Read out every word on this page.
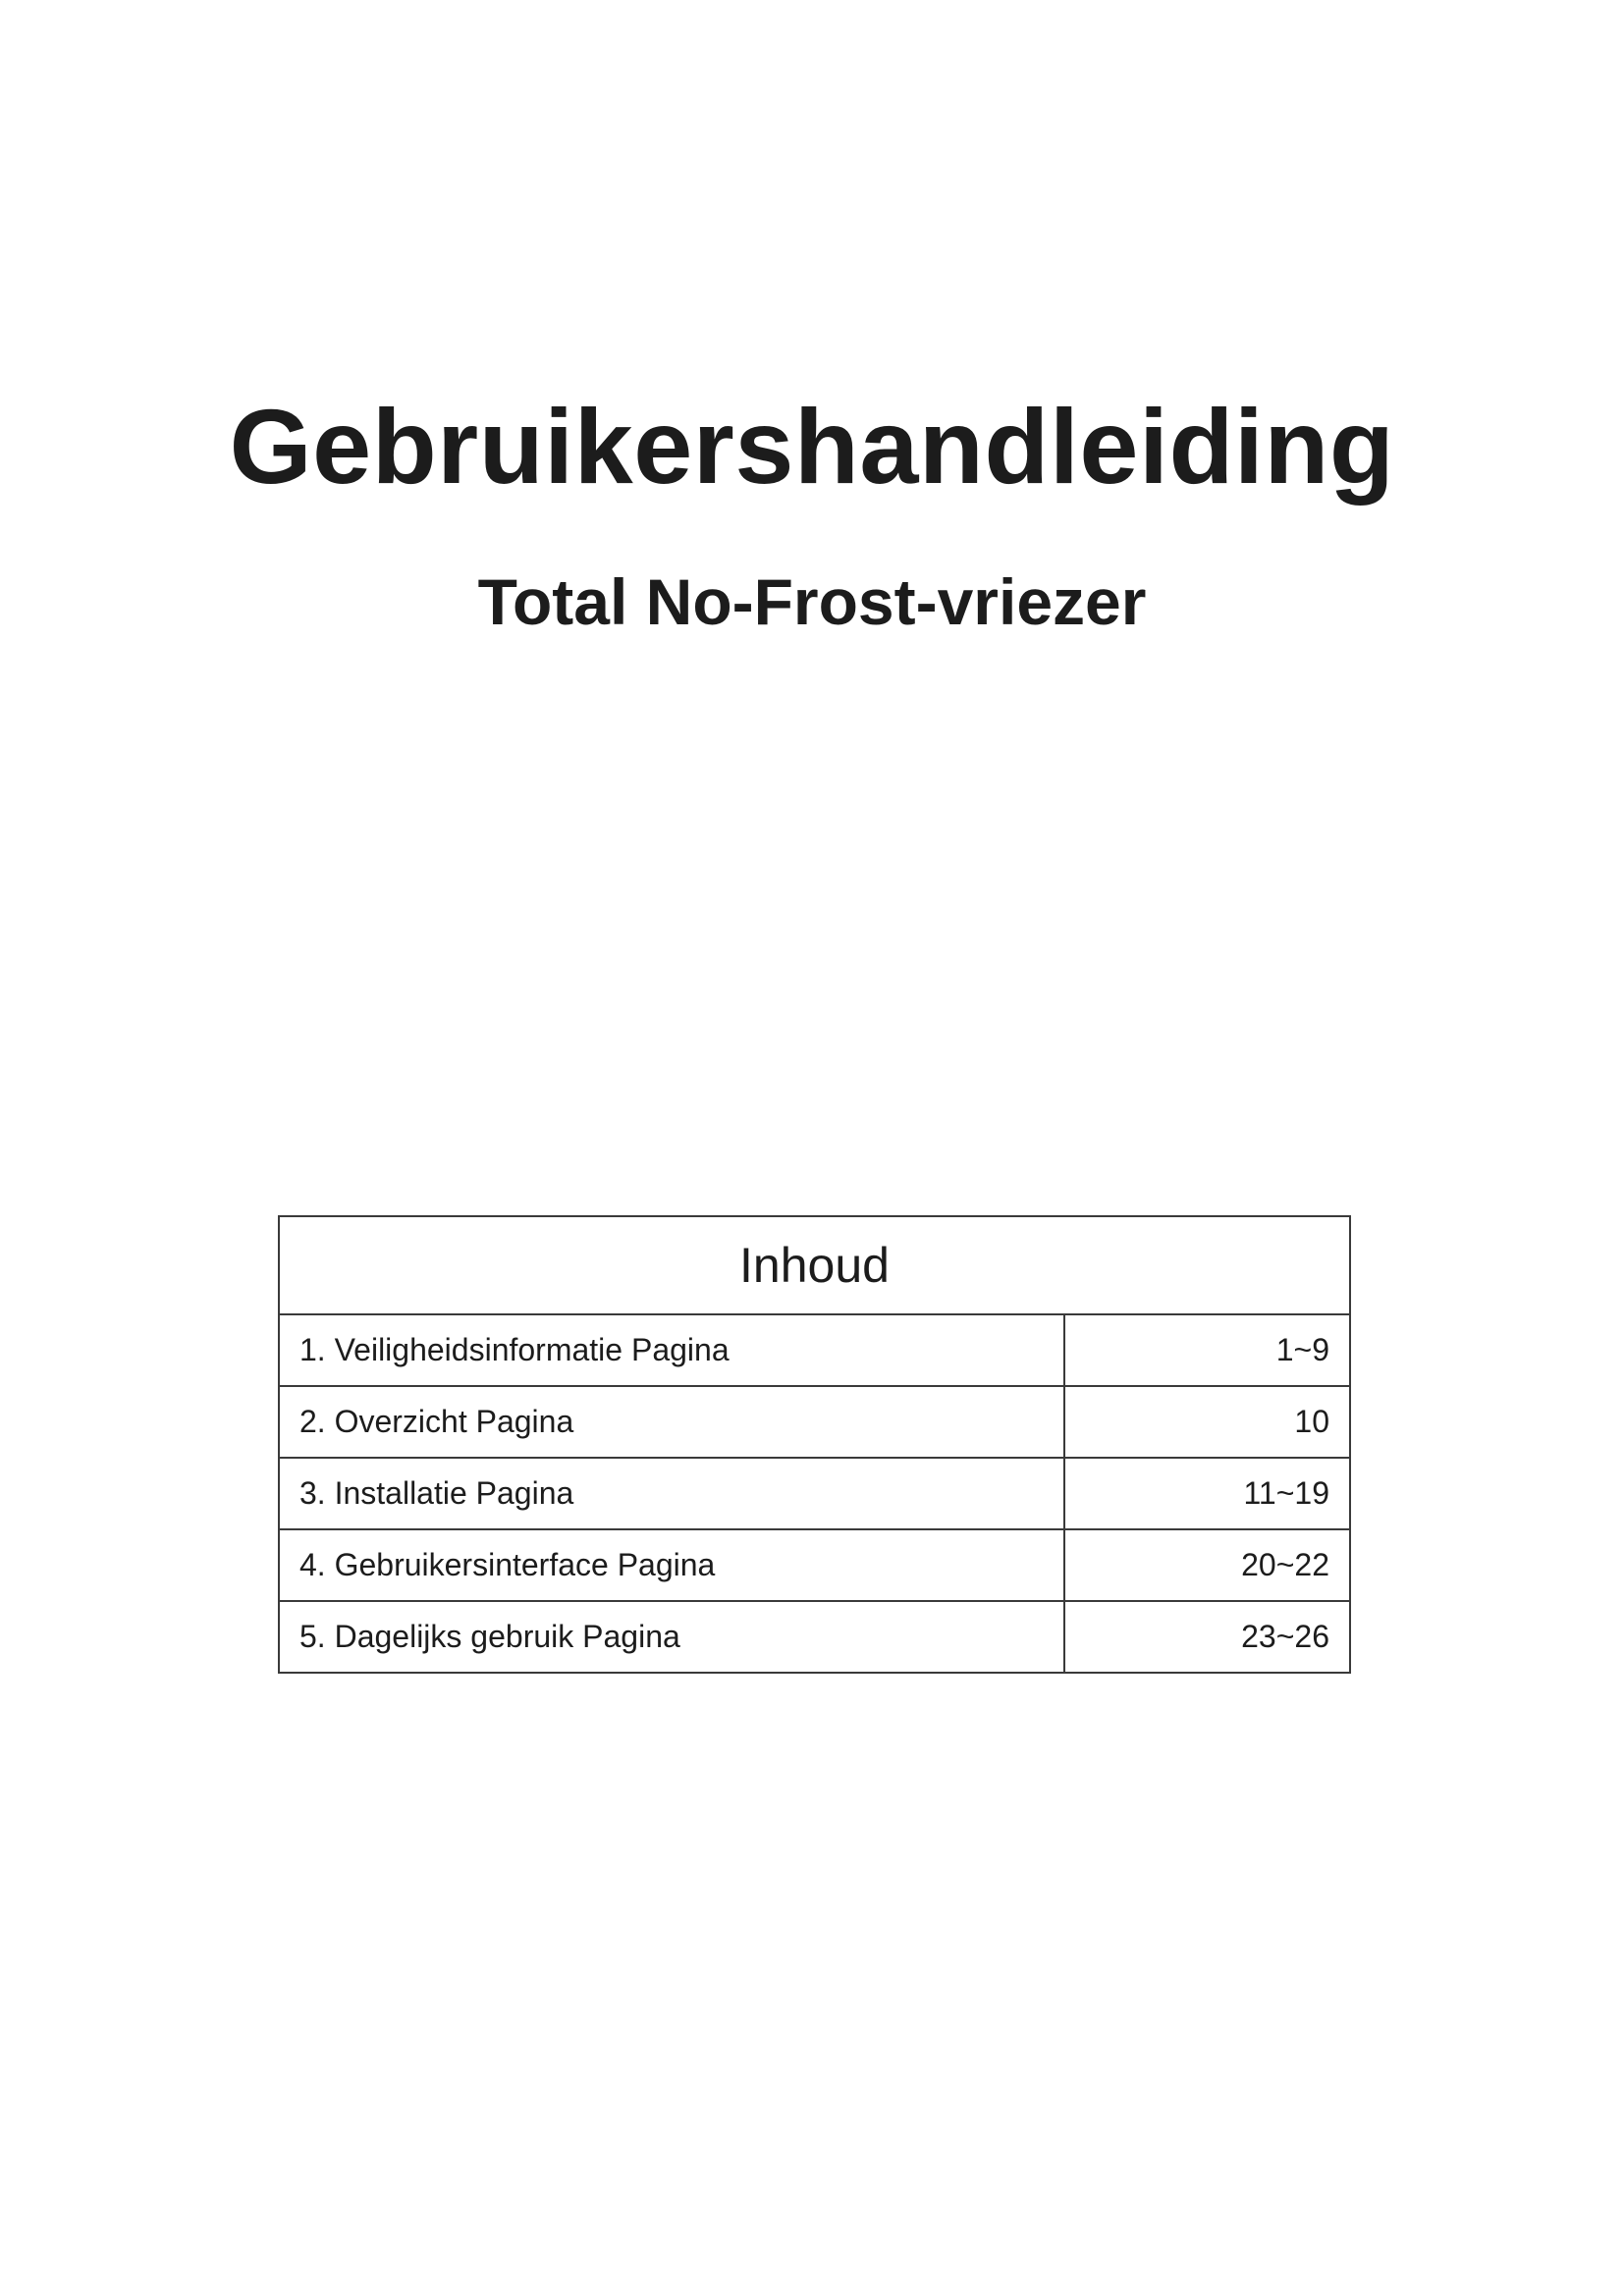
Gebruikershandleiding
Total No-Frost-vriezer
Inhoud	
1. Veiligheidsinformatie Pagina	1~9
2. Overzicht Pagina	10
3. Installatie Pagina	11~19
4. Gebruikersinterface Pagina	20~22
5. Dagelijks gebruik Pagina	23~26
